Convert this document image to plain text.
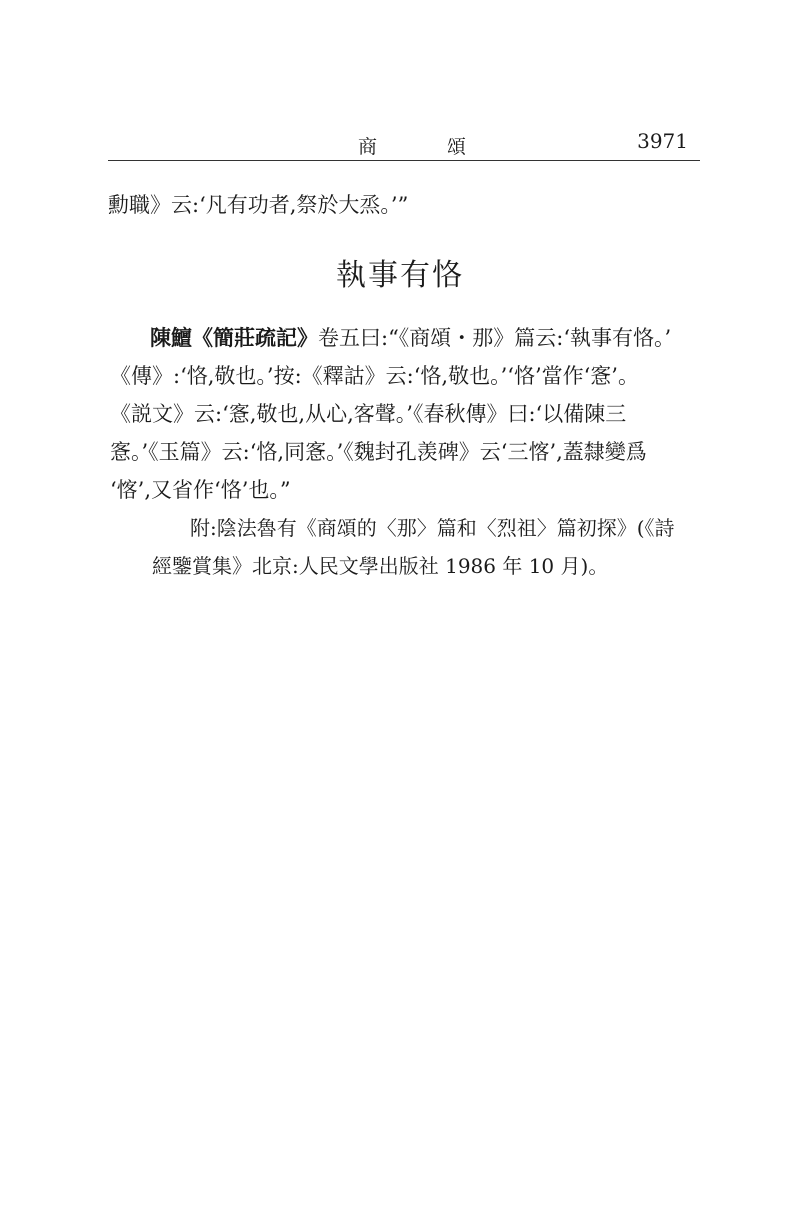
商 頌	3971
勳職》云:‘凡有功者,祭於大烝。’”
執事有恪
陳鱣《簡莊疏記》卷五曰:“《商頌・那》篇云:‘執事有恪。’
《傳》:‘恪,敬也。’按:《釋詁》云:‘恪,敬也。’‘恪’當作‘愙’。
《説文》云:‘愙,敬也,从心,客聲。’《春秋傳》曰:‘以備陳三
愙。’《玉篇》云:‘恪,同愙。’《魏封孔羡碑》云‘三愘’,蓋隸變爲
‘愘’,又省作‘恪’也。”
附:陰法魯有《商頌的〈那〉篇和〈烈祖〉篇初探》(《詩
經鑒賞集》北京:人民文學出版社 1986 年 10 月)。
